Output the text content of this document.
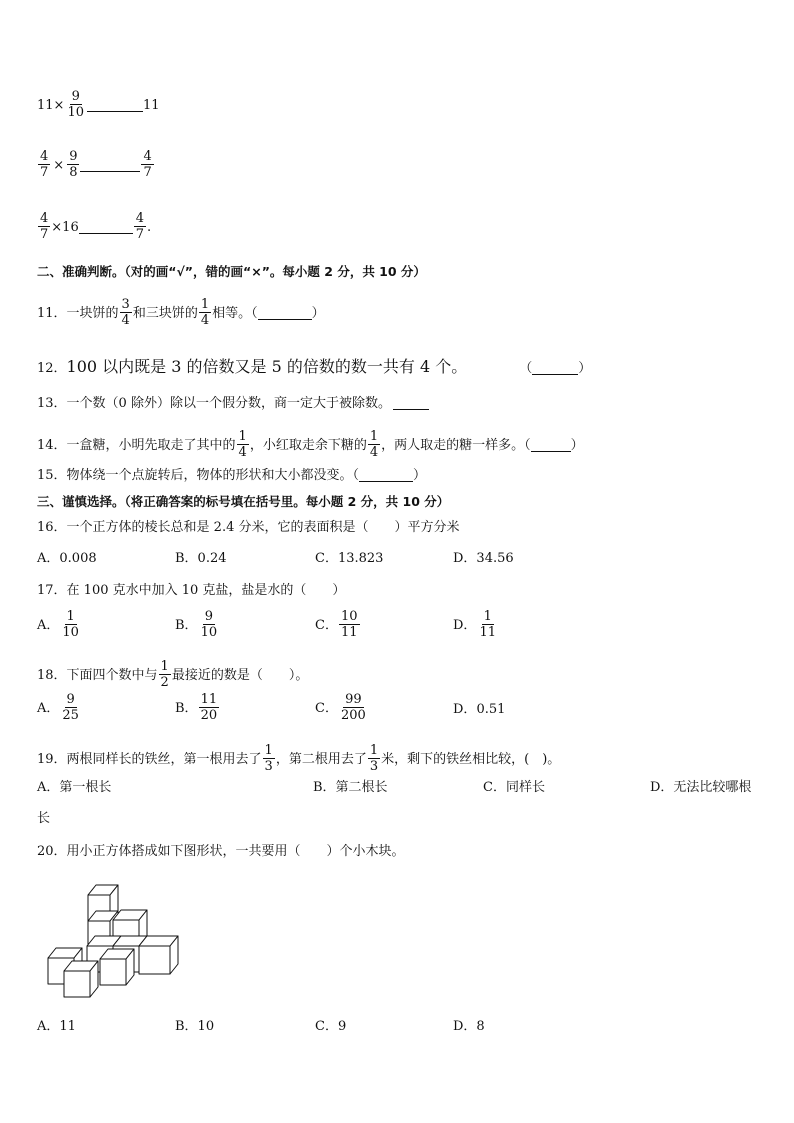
$11\times \frac{9}{10}$	11
$\frac{4}{7} \times \frac{9}{8}$	$\frac{4}{7}$
$\frac{4}{7} \times 16$	$\frac{4}{7}$ .
二、准确判断。（对的画“√”，错的画“×”。每小题 2 分，共 10 分）
11．一块饼的 $\frac{3}{4}$ 和三块饼的 $\frac{1}{4}$ 相等。（	）
12．100 以内既是 3 的倍数又是 5 的倍数的数一共有 4 个。	（	）
13．一个数（0 除外）除以一个假分数，商一定大于被除数。
14．一盒糖，小明先取走了其中的 $\frac{1}{4}$ ，小红取走余下糖的 $\frac{1}{4}$ ，两人取走的糖一样多。（	）
15．物体绕一个点旋转后，物体的形状和大小都没变。（	）
三、谨慎选择。（将正确答案的标号填在括号里。每小题 2 分，共 10 分）
16．一个正方体的棱长总和是 2.4 分米，它的表面积是（　　）平方分米
A．0.008	B．0.24	C．13.823	D．34.56
17．在 100 克水中加入 10 克盐，盐是水的（　　）
A． $\frac{1}{10}$	B． $\frac{9}{10}$	C． $\frac{10}{11}$	D． $\frac{1}{11}$
18．下面四个数中与 $\frac{1}{2}$ 最接近的数是（　　）。
A． $\frac{9}{25}$	B． $\frac{11}{20}$	C． $\frac{99}{200}$	D．0.51
19．两根同样长的铁丝，第一根用去了 $\frac{1}{3}$ ，第二根用去了 $\frac{1}{3}$ 米，剩下的铁丝相比较，(　)。
A．第一根长	B．第二根长	C．同样长	D．无法比较哪根
长
20．用小正方体搭成如下图形状，一共要用（　　）个小木块。
A．11	B．10	C．9	D．8
